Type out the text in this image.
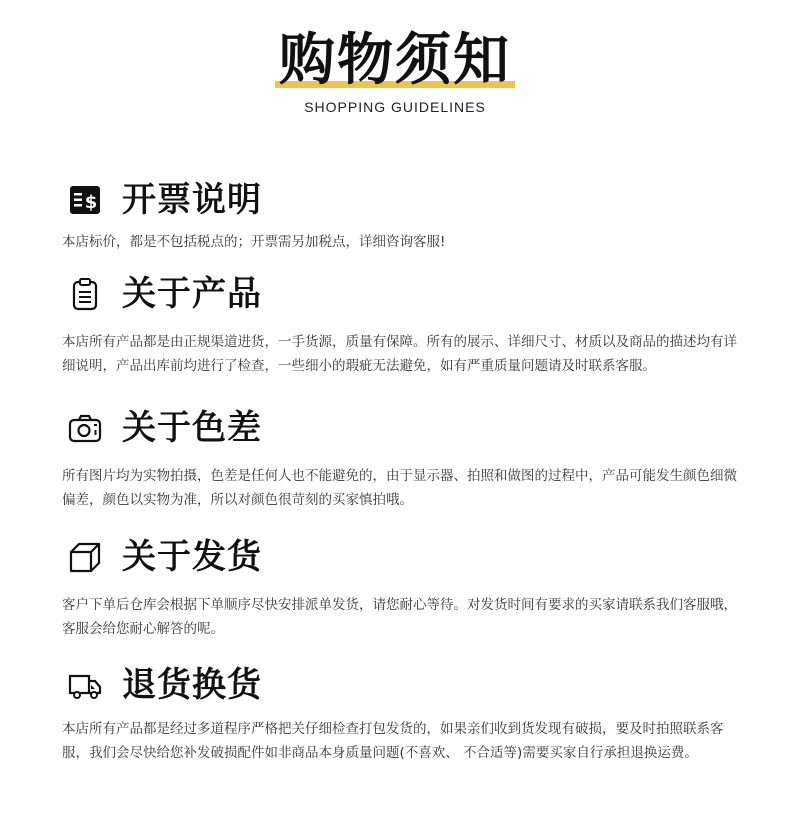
购物须知
SHOPPING GUIDELINES
$ 开票说明

本店标价，都是不包括税点的；开票需另加税点，详细咨询客服!

关于产品

本店所有产品都是由正规渠道进货，一手货源，质量有保障。所有的展示、详细尺寸、材质以及商品的描述均有详细说明，产品出库前均进行了检查，一些细小的瑕疵无法避免，如有严重质量问题请及时联系客服。

关于色差

所有图片均为实物拍摄，色差是任何人也不能避免的，由于显示器、拍照和做图的过程中，产品可能发生颜色细微偏差，颜色以实物为准，所以对颜色很苛刻的买家慎拍哦。

关于发货

客户下单后仓库会根据下单顺序尽快安排派单发货，请您耐心等待。对发货时间有要求的买家请联系我们客服哦，客服会给您耐心解答的呢。

退货换货

本店所有产品都是经过多道程序严格把关仔细检查打包发货的，如果亲们收到货发现有破损，要及时拍照联系客服，我们会尽快给您补发破损配件如非商品本身质量问题(不喜欢、 不合适等)需要买家自行承担退换运费。
